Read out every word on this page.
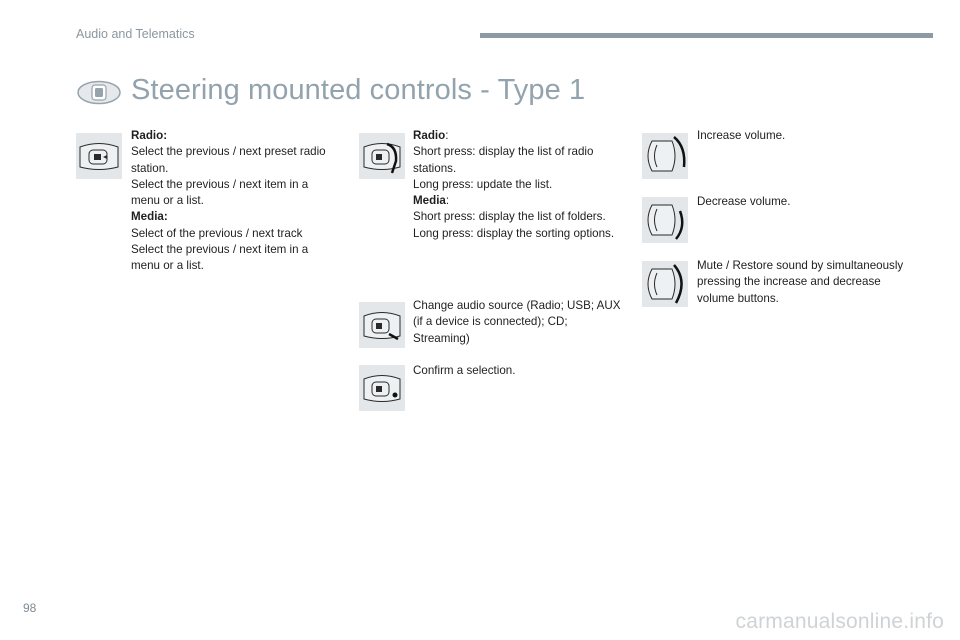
Audio and Telematics
Steering mounted controls - Type 1

Radio:

Select the previous / next preset radio station.

Select the previous / next item in a menu or a list.

Media:

Select of the previous / next track

Select the previous / next item in a menu or a list.

Radio:

Short press: display the list of radio stations.

Long press: update the list.

Media:

Short press: display the list of folders.

Long press: display the sorting options.

Change audio source (Radio; USB; AUX (if a device is connected); CD; Streaming)

Confirm a selection.

Increase volume.

Decrease volume.

Mute / Restore sound by simultaneously pressing the increase and decrease volume buttons.

98
carmanualsonline.info
